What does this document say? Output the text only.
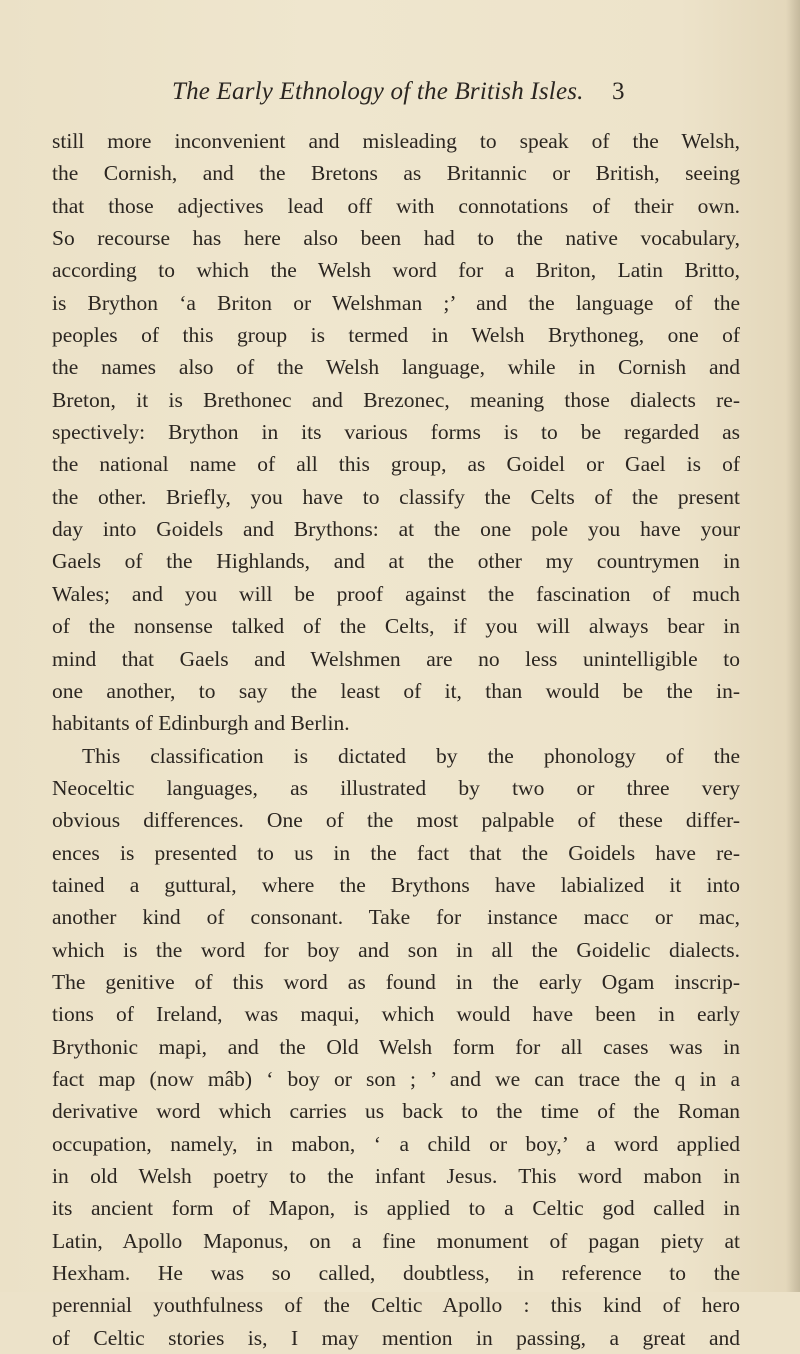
The Early Ethnology of the British Isles. 3
still more inconvenient and misleading to speak of the Welsh,
the Cornish, and the Bretons as Britannic or British, seeing
that those adjectives lead off with connotations of their own.
So recourse has here also been had to the native vocabulary,
according to which the Welsh word for a Briton, Latin Britto,
is Brython ‘a Briton or Welshman ;’ and the language of the
peoples of this group is termed in Welsh Brythoneg, one of
the names also of the Welsh language, while in Cornish and
Breton, it is Brethonec and Brezonec, meaning those dialects re-
spectively: Brython in its various forms is to be regarded as
the national name of all this group, as Goidel or Gael is of
the other. Briefly, you have to classify the Celts of the present
day into Goidels and Brythons: at the one pole you have your
Gaels of the Highlands, and at the other my countrymen in
Wales; and you will be proof against the fascination of much
of the nonsense talked of the Celts, if you will always bear in
mind that Gaels and Welshmen are no less unintelligible to
one another, to say the least of it, than would be the in-
habitants of Edinburgh and Berlin.
This classification is dictated by the phonology of the
Neoceltic languages, as illustrated by two or three very
obvious differences. One of the most palpable of these differ-
ences is presented to us in the fact that the Goidels have re-
tained a guttural, where the Brythons have labialized it into
another kind of consonant. Take for instance macc or mac,
which is the word for boy and son in all the Goidelic dialects.
The genitive of this word as found in the early Ogam inscrip-
tions of Ireland, was maqui, which would have been in early
Brythonic mapi, and the Old Welsh form for all cases was in
fact map (now mâb) ‘ boy or son ; ’ and we can trace the q in a
derivative word which carries us back to the time of the Roman
occupation, namely, in mabon, ‘ a child or boy,’ a word applied
in old Welsh poetry to the infant Jesus. This word mabon in
its ancient form of Mapon, is applied to a Celtic god called in
Latin, Apollo Maponus, on a fine monument of pagan piety at
Hexham. He was so called, doubtless, in reference to the
perennial youthfulness of the Celtic Apollo : this kind of hero
of Celtic stories is, I may mention in passing, a great and
